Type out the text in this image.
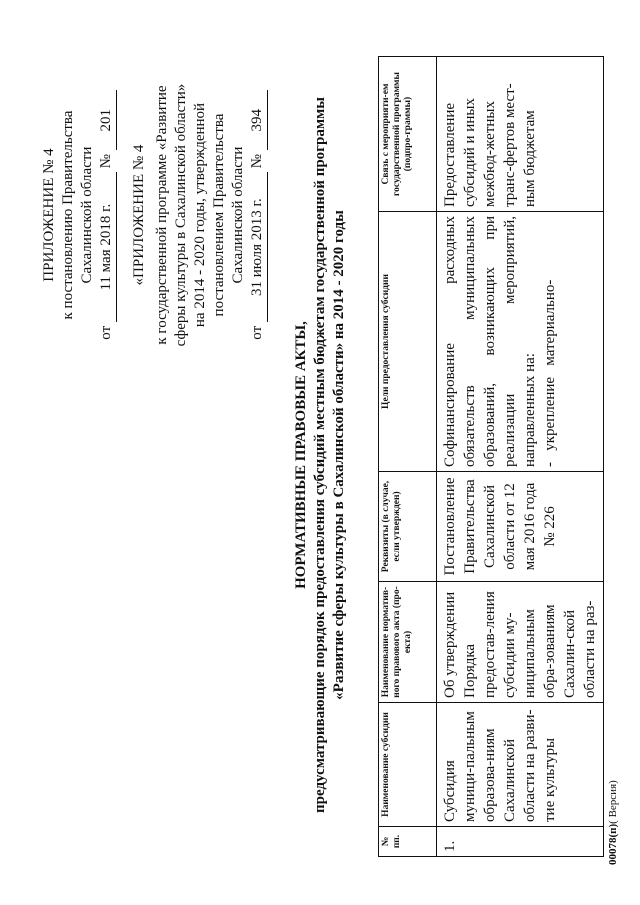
ПРИЛОЖЕНИЕ № 4 к постановлению Правительства Сахалинской области
от 11 мая 2018 г. № 201
«ПРИЛОЖЕНИЕ № 4 к государственной программе «Развитие сферы культуры в Сахалинской области» на 2014 - 2020 годы, утвержденной постановлением Правительства Сахалинской области
от 31 июля 2013 г. № 394
НОРМАТИВНЫЕ ПРАВОВЫЕ АКТЫ, предусматривающие порядок предоставления субсидий местным бюджетам государственной программы «Развитие сферы культуры в Сахалинской области» на 2014 - 2020 годы
№ пп.	Наименование субсидии	Наименование норматив-ного правового акта (про-екта)	Реквизиты (в случае, если утвержден)	Цели предоставления субсидии	Связь с мероприяти-ем государственной программы (подпро-граммы)
1.	Субсидия муници-пальным образова-ниям Сахалинской области на разви-тие культуры	Об утверждении Порядка предостав-ления субсидии му-ниципальным обра-зованиям Сахалин-ской области на раз-	Постановление Правительства Сахалинской области от 12 мая 2016 года № 226	Софинансирование расходных обязательств муниципальных образований, возникающих при реализации мероприятий, направленных на: -   укрепление   материально-	Предоставление субсидий и иных межбюд-жетных транс-фертов мест-ным бюджетам
00078(п)( Версия)
